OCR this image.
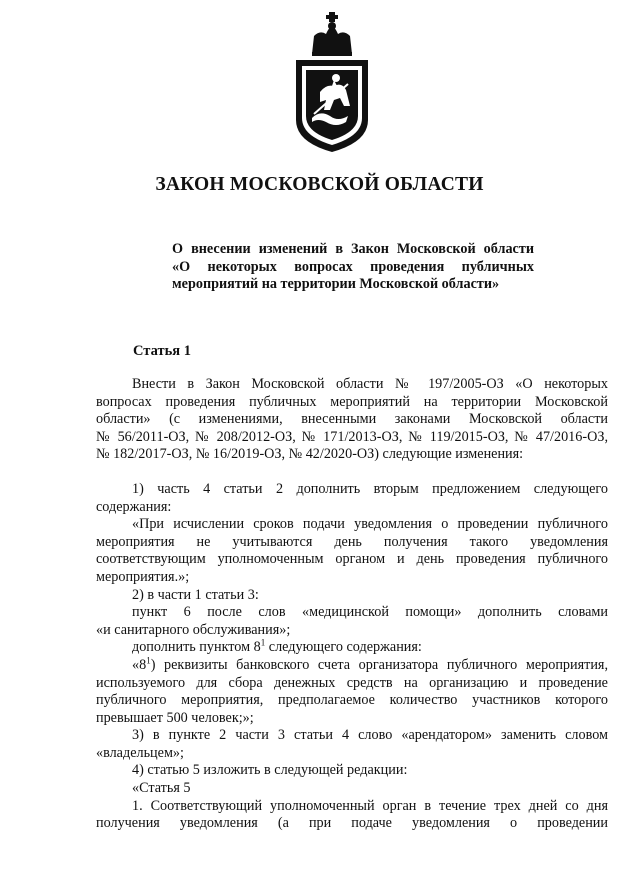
ЗАКОН МОСКОВСКОЙ ОБЛАСТИ
О внесении изменений в Закон Московской области
«О некоторых вопросах проведения публичных
мероприятий на территории Московской области»
Статья 1
Внести в Закон Московской области № 197/2005-ОЗ «О некоторых
вопросах проведения публичных мероприятий на территории Московской
области» (с изменениями, внесенными законами Московской области
№ 56/2011-ОЗ, № 208/2012-ОЗ, № 171/2013-ОЗ, № 119/2015-ОЗ, № 47/2016-ОЗ,
№ 182/2017-ОЗ, № 16/2019-ОЗ, № 42/2020-ОЗ) следующие изменения:
1) часть 4 статьи 2 дополнить вторым предложением следующего
содержания:
«При исчислении сроков подачи уведомления о проведении публичного
мероприятия не учитываются день получения такого уведомления
соответствующим уполномоченным органом и день проведения публичного
мероприятия.»;
2) в части 1 статьи 3:
пункт 6 после слов «медицинской помощи» дополнить словами
«и санитарного обслуживания»;
дополнить пунктом $8^1$ следующего содержания:
«$8^1$) реквизиты банковского счета организатора публичного мероприятия,
используемого для сбора денежных средств на организацию и проведение
публичного мероприятия, предполагаемое количество участников которого
превышает 500 человек;»;
3) в пункте 2 части 3 статьи 4 слово «арендатором» заменить словом
«владельцем»;
4) статью 5 изложить в следующей редакции:
«Статья 5
1. Соответствующий уполномоченный орган в течение трех дней со дня
получения уведомления (а при подаче уведомления о проведении
